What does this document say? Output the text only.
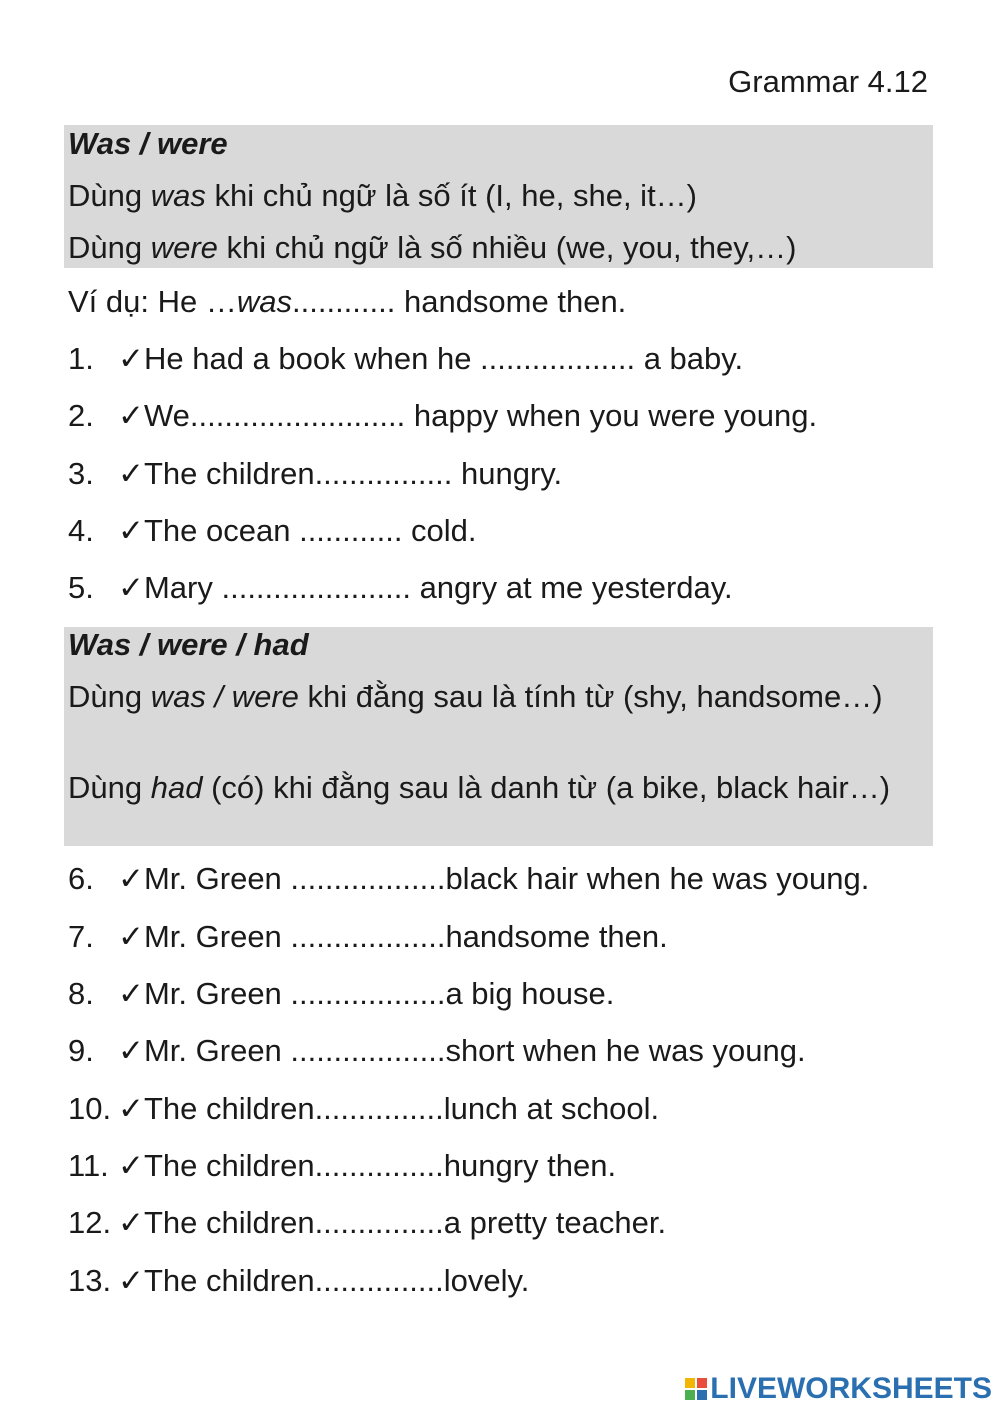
Grammar 4.12
Was / were
Dùng was khi chủ ngữ là số ít (I, he, she, it…)
Dùng were khi chủ ngữ là số nhiều (we, you, they,…)
Ví dụ: He …was............ handsome then.
1. ✓He had a book when he .................. a baby.
2. ✓We......................... happy when you were young.
3. ✓The children................ hungry.
4. ✓The ocean ............ cold.
5. ✓Mary ...................... angry at me yesterday.
Was / were / had
Dùng was / were khi đằng sau là tính từ (shy, handsome…)
Dùng had (có) khi đằng sau là danh từ (a bike, black hair…)
6. ✓Mr. Green ..................black hair when he was young.
7. ✓Mr. Green ..................handsome then.
8. ✓Mr. Green ..................a big house.
9. ✓Mr. Green ..................short when he was young.
10. ✓The children...............lunch at school.
11. ✓The children...............hungry then.
12. ✓The children...............a pretty teacher.
13. ✓The children...............lovely.
LIVEWORKSHEETS
